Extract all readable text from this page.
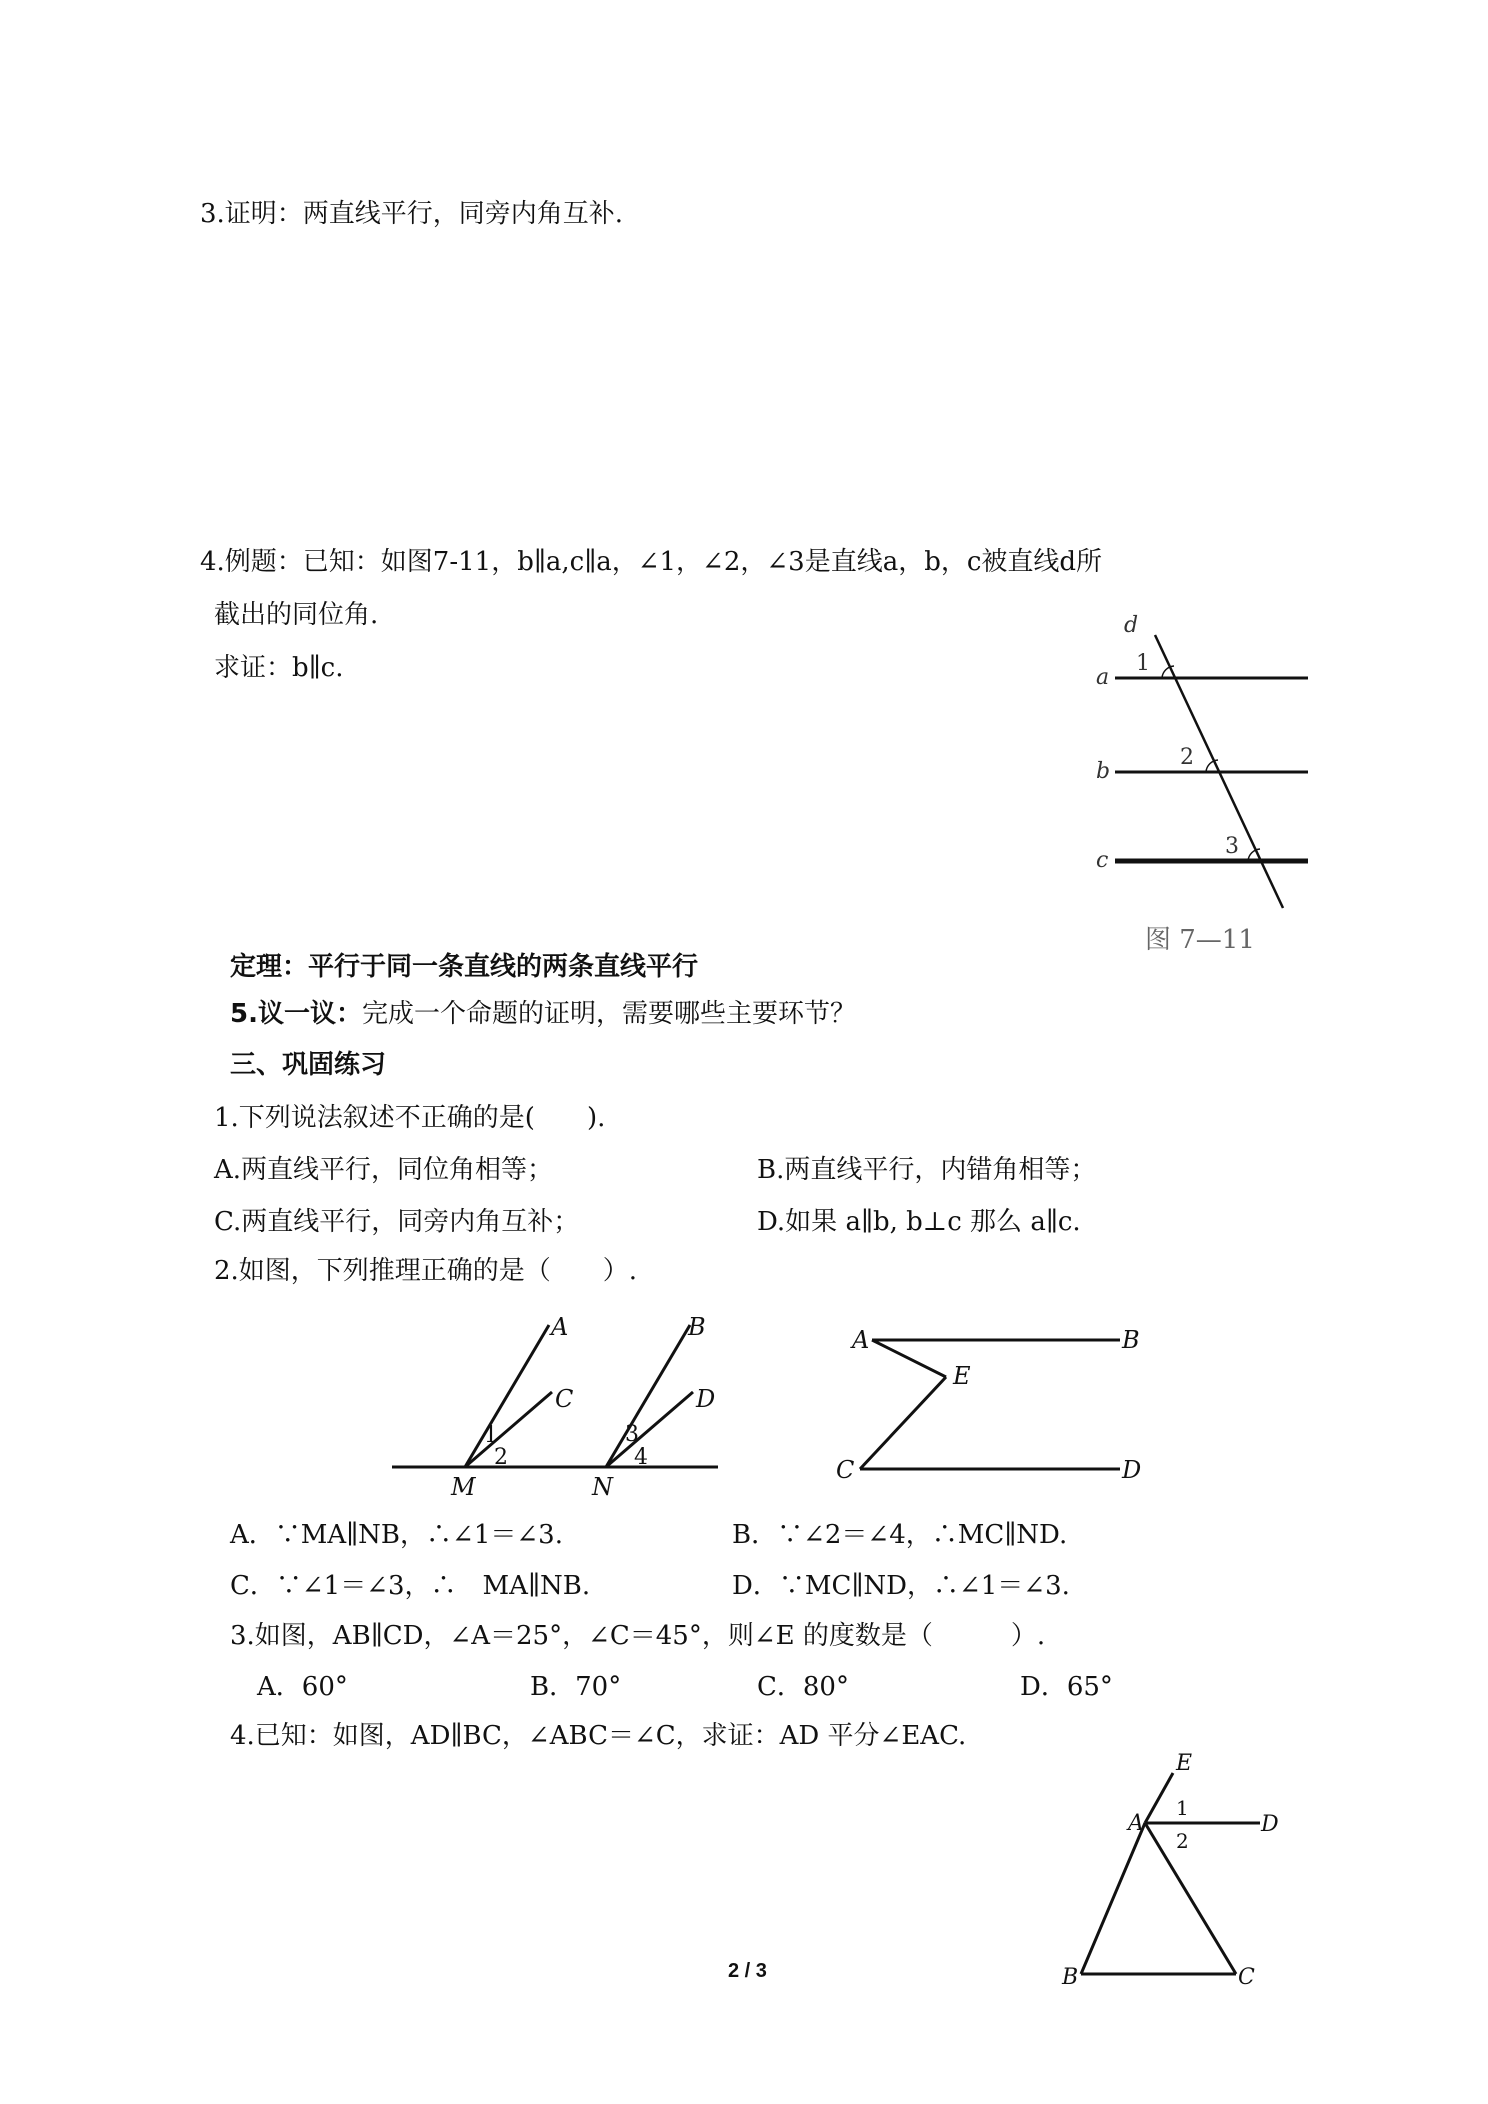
3.证明：两直线平行，同旁内角互补.
4.例题：已知：如图7-11，b∥a,c∥a，∠1，∠2，∠3是直线a，b，c被直线d所
截出的同位角.
求证：b∥c.
d
a
b
c
1
2
3
图 7—11
定理：平行于同一条直线的两条直线平行
5.议一议：完成一个命题的证明，需要哪些主要环节？
三、巩固练习
1.下列说法叙述不正确的是(　　).
A.两直线平行，同位角相等；	B.两直线平行，内错角相等；
C.两直线平行，同旁内角互补；	D.如果 a∥b, b⊥c 那么 a∥c.
2.如图，下列推理正确的是（　　）.
A
C
B
D
M	N
1
2
3
4
A	B
E
C	D
A．∵MA∥NB，∴∠1＝∠3.	B．∵∠2＝∠4，∴MC∥ND.
C．∵∠1＝∠3，∴　MA∥NB.	D．∵MC∥ND，∴∠1＝∠3.
3.如图，AB∥CD，∠A＝25°，∠C＝45°，则∠E 的度数是（　　　）.
A．60°	B．70°	C．80°	D．65°
4.已知：如图，AD∥BC，∠ABC＝∠C，求证：AD 平分∠EAC.
E
A	D
B	C
1
2
2 / 3
